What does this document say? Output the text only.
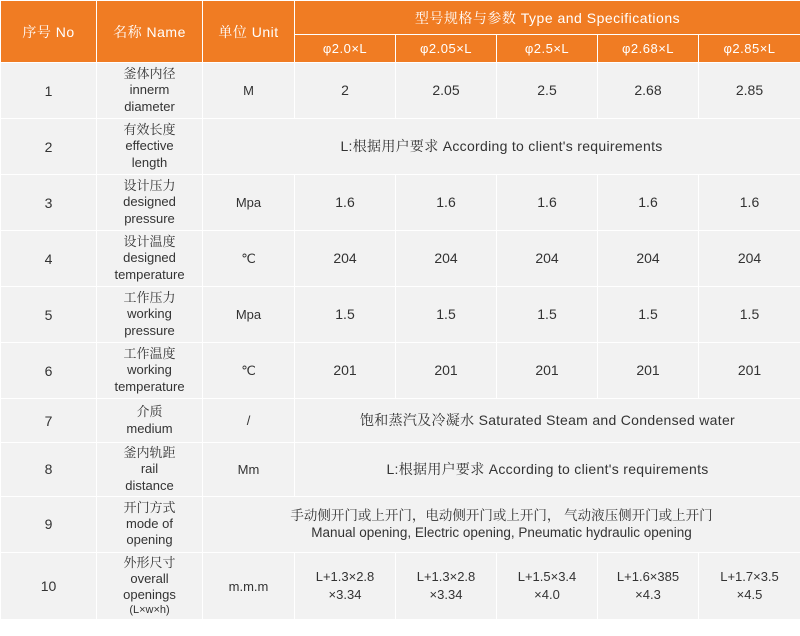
序号 No	名称 Name	单位 Unit	型号规格与参数 Type and Specifications				
			φ2.0×L	φ2.05×L	φ2.5×L	φ2.68×L	φ2.85×L
1	釜体内径
innerm
diameter	M	2	2.05	2.5	2.68	2.85
2	有效长度
effective
length	L:根据用户要求 According to client's requirements					
3	设计压力
designed
pressure	Mpa	1.6	1.6	1.6	1.6	1.6
4	设计温度
designed
temperature	℃	204	204	204	204	204
5	工作压力
working
pressure	Mpa	1.5	1.5	1.5	1.5	1.5
6	工作温度
working
temperature	℃	201	201	201	201	201
7	介质
medium	/	饱和蒸汽及冷凝水 Saturated Steam and Condensed water				
8	釜内轨距
rail
distance	Mm	L:根据用户要求 According to client's requirements				
9	开门方式
mode of
opening	手动侧开门或上开门，电动侧开门或上开门， 气动液压侧开门或上开门
Manual opening, Electric opening, Pneumatic hydraulic opening					

10	外形尺寸
overall
openings
(L×w×h)	m.m.m	L+1.3×2.8
×3.34	L+1.3×2.8
×3.34	L+1.5×3.4
×4.0	L+1.6×385
×4.3	L+1.7×3.5
×4.5
